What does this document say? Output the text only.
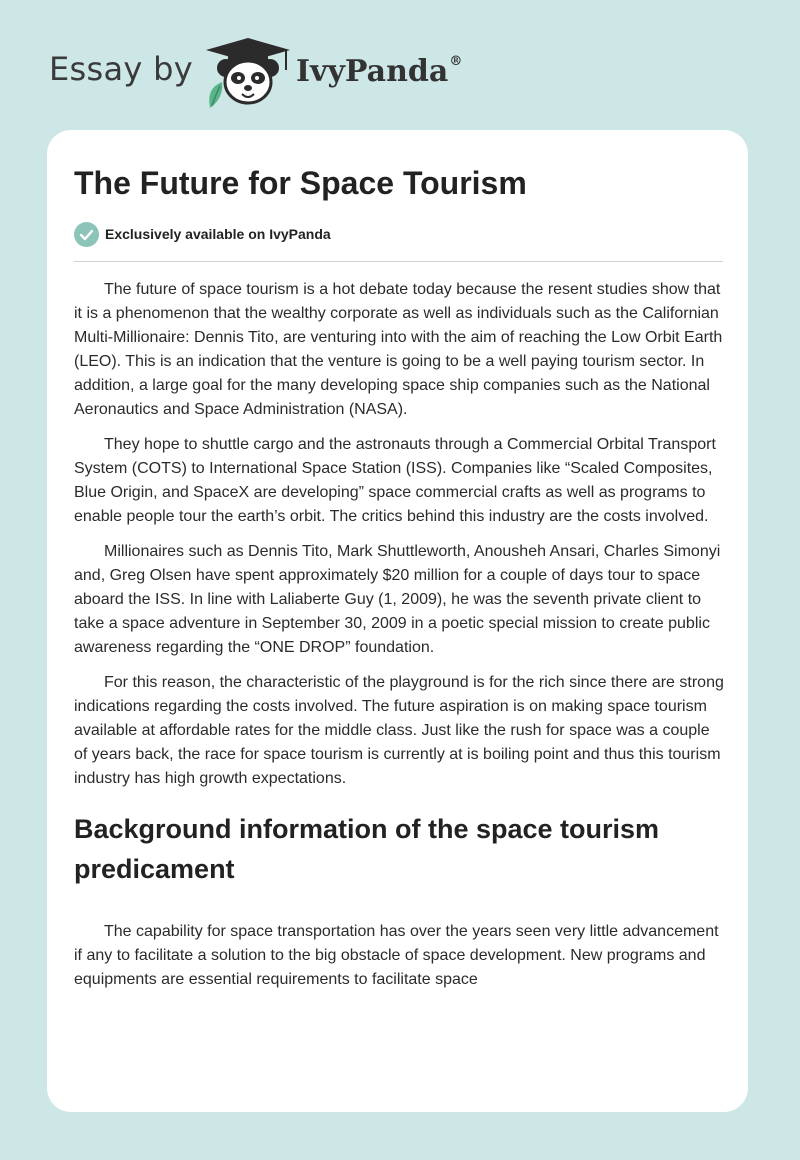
Essay by	IvyPanda®
The Future for Space Tourism
Exclusively available on IvyPanda

The future of space tourism is a hot debate today because the resent studies show that it is a phenomenon that the wealthy corporate as well as individuals such as the Californian Multi-Millionaire: Dennis Tito, are venturing into with the aim of reaching the Low Orbit Earth (LEO). This is an indication that the venture is going to be a well paying tourism sector. In addition, a large goal for the many developing space ship companies such as the National Aeronautics and Space Administration (NASA).

They hope to shuttle cargo and the astronauts through a Commercial Orbital Transport System (COTS) to International Space Station (ISS). Companies like “Scaled Composites, Blue Origin, and SpaceX are developing” space commercial crafts as well as programs to enable people tour the earth’s orbit. The critics behind this industry are the costs involved.

Millionaires such as Dennis Tito, Mark Shuttleworth, Anousheh Ansari, Charles Simonyi and, Greg Olsen have spent approximately $20 million for a couple of days tour to space aboard the ISS. In line with Laliaberte Guy (1, 2009), he was the seventh private client to take a space adventure in September 30, 2009 in a poetic special mission to create public awareness regarding the “ONE DROP” foundation.

For this reason, the characteristic of the playground is for the rich since there are strong indications regarding the costs involved. The future aspiration is on making space tourism available at affordable rates for the middle class. Just like the rush for space was a couple of years back, the race for space tourism is currently at is boiling point and thus this tourism industry has high growth expectations.

Background information of the space tourism predicament

The capability for space transportation has over the years seen very little advancement if any to facilitate a solution to the big obstacle of space development. New programs and equipments are essential requirements to facilitate space
